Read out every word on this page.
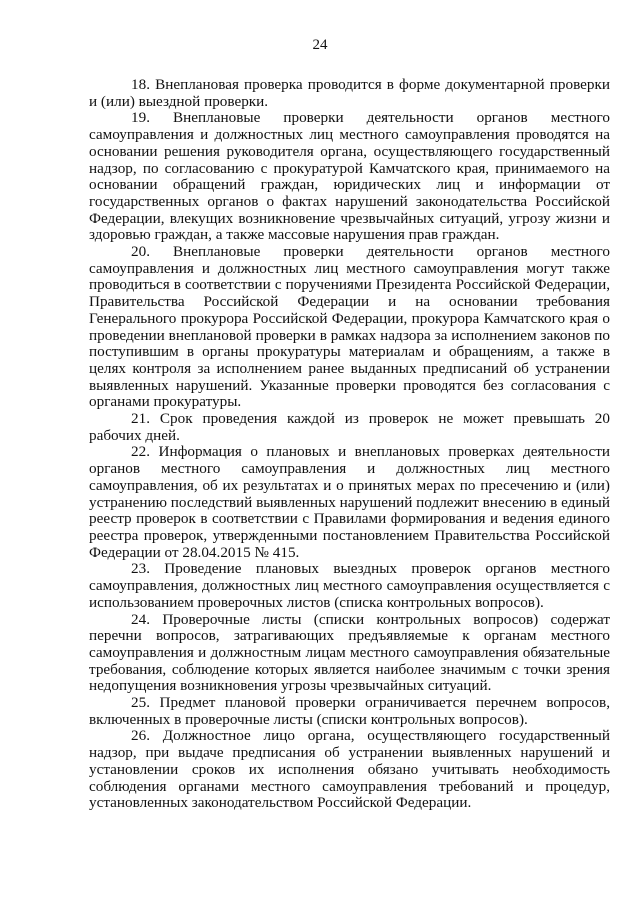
24

18. Внеплановая проверка проводится в форме документарной проверки и (или) выездной проверки.

19. Внеплановые проверки деятельности органов местного самоуправления и должностных лиц местного самоуправления проводятся на основании решения руководителя органа, осуществляющего государственный надзор, по согласованию с прокуратурой Камчатского края, принимаемого на основании обращений граждан, юридических лиц и информации от государственных органов о фактах нарушений законодательства Российской Федерации, влекущих возникновение чрезвычайных ситуаций, угрозу жизни и здоровью граждан, а также массовые нарушения прав граждан.

20. Внеплановые проверки деятельности органов местного самоуправления и должностных лиц местного самоуправления могут также проводиться в соответствии с поручениями Президента Российской Федерации, Правительства Российской Федерации и на основании требования Генерального прокурора Российской Федерации, прокурора Камчатского края о проведении внеплановой проверки в рамках надзора за исполнением законов по поступившим в органы прокуратуры материалам и обращениям, а также в целях контроля за исполнением ранее выданных предписаний об устранении выявленных нарушений. Указанные проверки проводятся без согласования с органами прокуратуры.

21. Срок проведения каждой из проверок не может превышать 20 рабочих дней.

22. Информация о плановых и внеплановых проверках деятельности органов местного самоуправления и должностных лиц местного самоуправления, об их результатах и о принятых мерах по пресечению и (или) устранению последствий выявленных нарушений подлежит внесению в единый реестр проверок в соответствии с Правилами формирования и ведения единого реестра проверок, утвержденными постановлением Правительства Российской Федерации от 28.04.2015 № 415.

23. Проведение плановых выездных проверок органов местного самоуправления, должностных лиц местного самоуправления осуществляется с использованием проверочных листов (списка контрольных вопросов).

24. Проверочные листы (списки контрольных вопросов) содержат перечни вопросов, затрагивающих предъявляемые к органам местного самоуправления и должностным лицам местного самоуправления обязательные требования, соблюдение которых является наиболее значимым с точки зрения недопущения возникновения угрозы чрезвычайных ситуаций.

25. Предмет плановой проверки ограничивается перечнем вопросов, включенных в проверочные листы (списки контрольных вопросов).

26. Должностное лицо органа, осуществляющего государственный надзор, при выдаче предписания об устранении выявленных нарушений и установлении сроков их исполнения обязано учитывать необходимость соблюдения органами местного самоуправления требований и процедур, установленных законодательством Российской Федерации.
